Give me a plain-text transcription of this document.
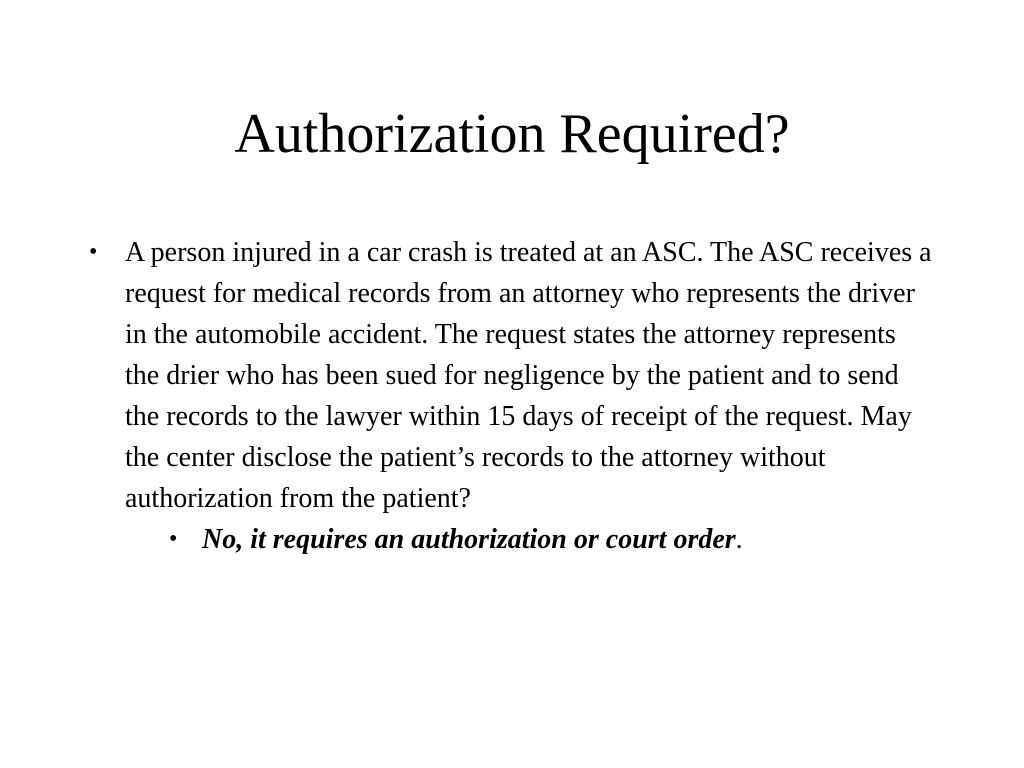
Authorization Required?
• A person injured in a car crash is treated at an ASC. The ASC receives a request for medical records from an attorney who represents the driver in the automobile accident. The request states the attorney represents the drier who has been sued for negligence by the patient and to send the records to the lawyer within 15 days of receipt of the request. May the center disclose the patient’s records to the attorney without authorization from the patient?
• No, it requires an authorization or court order.
